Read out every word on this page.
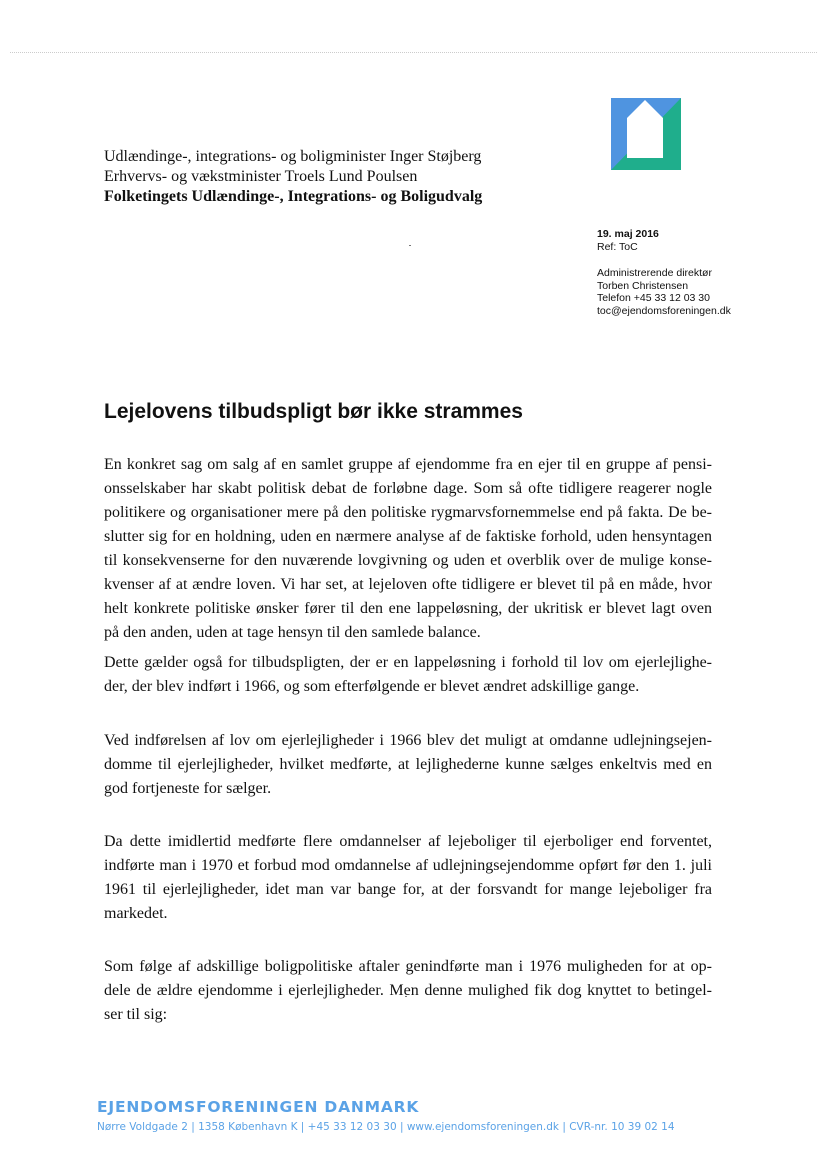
Udlændinge-, integrations- og boligminister Inger Støjberg
Erhvervs- og vækstminister Troels Lund Poulsen
Folketingets Udlændinge-, Integrations- og Boligudvalg
19. maj 2016
Ref: ToC
Administrerende direktør
Torben Christensen
Telefon +45 33 12 03 30
toc@ejendomsforeningen.dk
Lejelovens tilbudspligt bør ikke strammes
En konkret sag om salg af en samlet gruppe af ejendomme fra en ejer til en gruppe af pensi-
onsselskaber har skabt politisk debat de forløbne dage. Som så ofte tidligere reagerer nogle
politikere og organisationer mere på den politiske rygmarvsfornemmelse end på fakta. De be-
slutter sig for en holdning, uden en nærmere analyse af de faktiske forhold, uden hensyntagen
til konsekvenserne for den nuværende lovgivning og uden et overblik over de mulige konse-
kvenser af at ændre loven. Vi har set, at lejeloven ofte tidligere er blevet til på en måde, hvor
helt konkrete politiske ønsker fører til den ene lappeløsning, der ukritisk er blevet lagt oven
på den anden, uden at tage hensyn til den samlede balance.
Dette gælder også for tilbudspligten, der er en lappeløsning i forhold til lov om ejerlejlighe-
der, der blev indført i 1966, og som efterfølgende er blevet ændret adskillige gange.
Ved indførelsen af lov om ejerlejligheder i 1966 blev det muligt at omdanne udlejningsejen-
domme til ejerlejligheder, hvilket medførte, at lejlighederne kunne sælges enkeltvis med en
god fortjeneste for sælger.
Da dette imidlertid medførte flere omdannelser af lejeboliger til ejerboliger end forventet,
indførte man i 1970 et forbud mod omdannelse af udlejningsejendomme opført før den 1. juli
1961 til ejerlejligheder, idet man var bange for, at der forsvandt for mange lejeboliger fra
markedet.
Som følge af adskillige boligpolitiske aftaler genindførte man i 1976 muligheden for at op-
dele de ældre ejendomme i ejerlejligheder. Men denne mulighed fik dog knyttet to betingel-
ser til sig:
EJENDOMSFORENINGEN DANMARK
Nørre Voldgade 2 | 1358 København K | +45 33 12 03 30 | www.ejendomsforeningen.dk | CVR-nr. 10 39 02 14
